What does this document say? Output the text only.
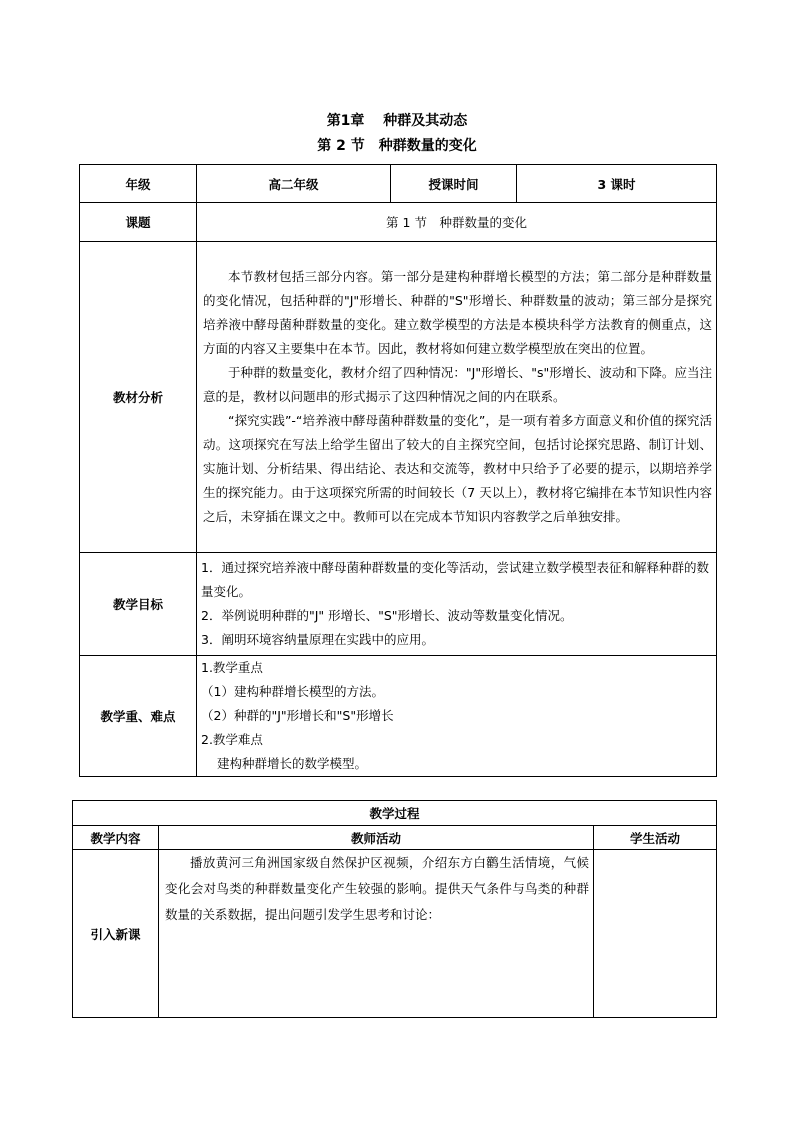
第1章　 种群及其动态
第 2 节　种群数量的变化
年级	高二年级	授课时间	3 课时
课题	第 1 节　种群数量的变化		
教材分析	本节教材包括三部分内容。第一部分是建构种群增长模型的方法；第二部分是种群数量的变化情况，包括种群的"J"形增长、种群的"S"形增长、种群数量的波动；第三部分是探究培养液中酵母菌种群数量的变化。建立数学模型的方法是本模块科学方法教育的侧重点，这方面的内容又主要集中在本节。因此，教材将如何建立数学模型放在突出的位置。
于种群的数量变化，教材介绍了四种情况："J"形增长、"s"形增长、波动和下降。应当注意的是，教材以问题串的形式揭示了这四种情况之间的内在联系。
“探究实践”-“培养液中酵母菌种群数量的变化”，是一项有着多方面意义和价值的探究活动。这项探究在写法上给学生留出了较大的自主探究空间，包括讨论探究思路、制订计划、实施计划、分析结果、得出结论、表达和交流等，教材中只给予了必要的提示，以期培养学生的探究能力。由于这项探究所需的时间较长（7 天以上），教材将它编排在本节知识性内容之后，未穿插在课文之中。教师可以在完成本节知识内容教学之后单独安排。		

教学目标	1．通过探究培养液中酵母菌种群数量的变化等活动，尝试建立数学模型表征和解释种群的数量变化。
2．举例说明种群的"J" 形增长、"S"形增长、波动等数量变化情况。
3．阐明环境容纳量原理在实践中的应用。		

教学重、难点	1.教学重点
（1）建构种群增长模型的方法。
（2）种群的"J"形增长和"S"形增长
2.教学难点
建构种群增长的数学模型。		
教学过程		
教学内容	教师活动	学生活动
引入新课	播放黄河三角洲国家级自然保护区视频，介绍东方白鹳生活情境，气候变化会对鸟类的种群数量变化产生较强的影响。提供天气条件与鸟类的种群数量的关系数据，提出问题引发学生思考和讨论：	
